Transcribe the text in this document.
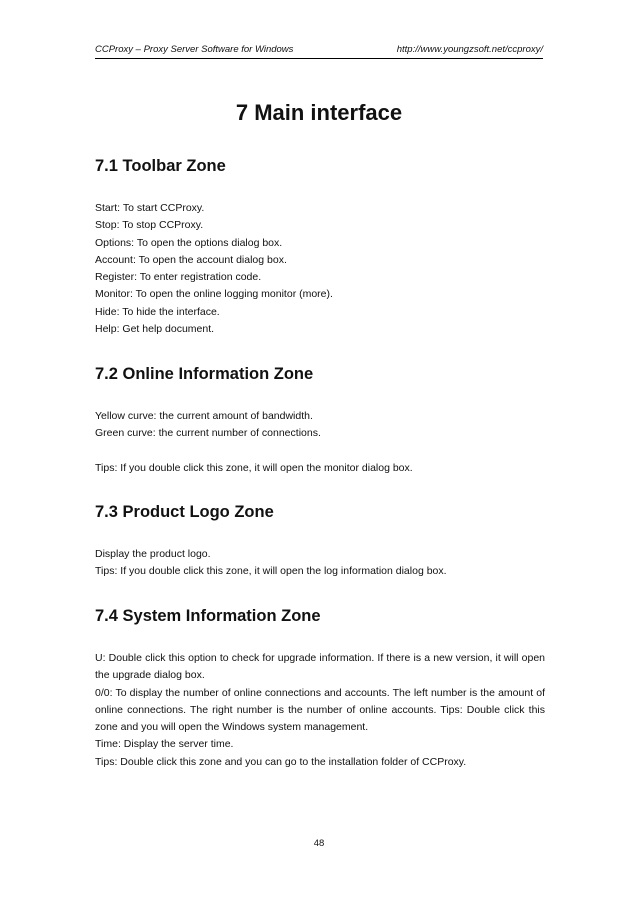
CCProxy – Proxy Server Software for Windows	http://www.youngzsoft.net/ccproxy/
7 Main interface
7.1 Toolbar Zone

Start: To start CCProxy.

Stop: To stop CCProxy.

Options: To open the options dialog box.

Account: To open the account dialog box.

Register: To enter registration code.

Monitor: To open the online logging monitor (more).

Hide: To hide the interface.

Help: Get help document.

7.2 Online Information Zone

Yellow curve: the current amount of bandwidth.

Green curve: the current number of connections.

Tips: If you double click this zone, it will open the monitor dialog box.

7.3 Product Logo Zone

Display the product logo.

Tips: If you double click this zone, it will open the log information dialog box.

7.4 System Information Zone

U: Double click this option to check for upgrade information. If there is a new version, it will open the upgrade dialog box.

0/0: To display the number of online connections and accounts. The left number is the amount of online connections. The right number is the number of online accounts. Tips: Double click this zone and you will open the Windows system management.

Time: Display the server time.

Tips: Double click this zone and you can go to the installation folder of CCProxy.

48
